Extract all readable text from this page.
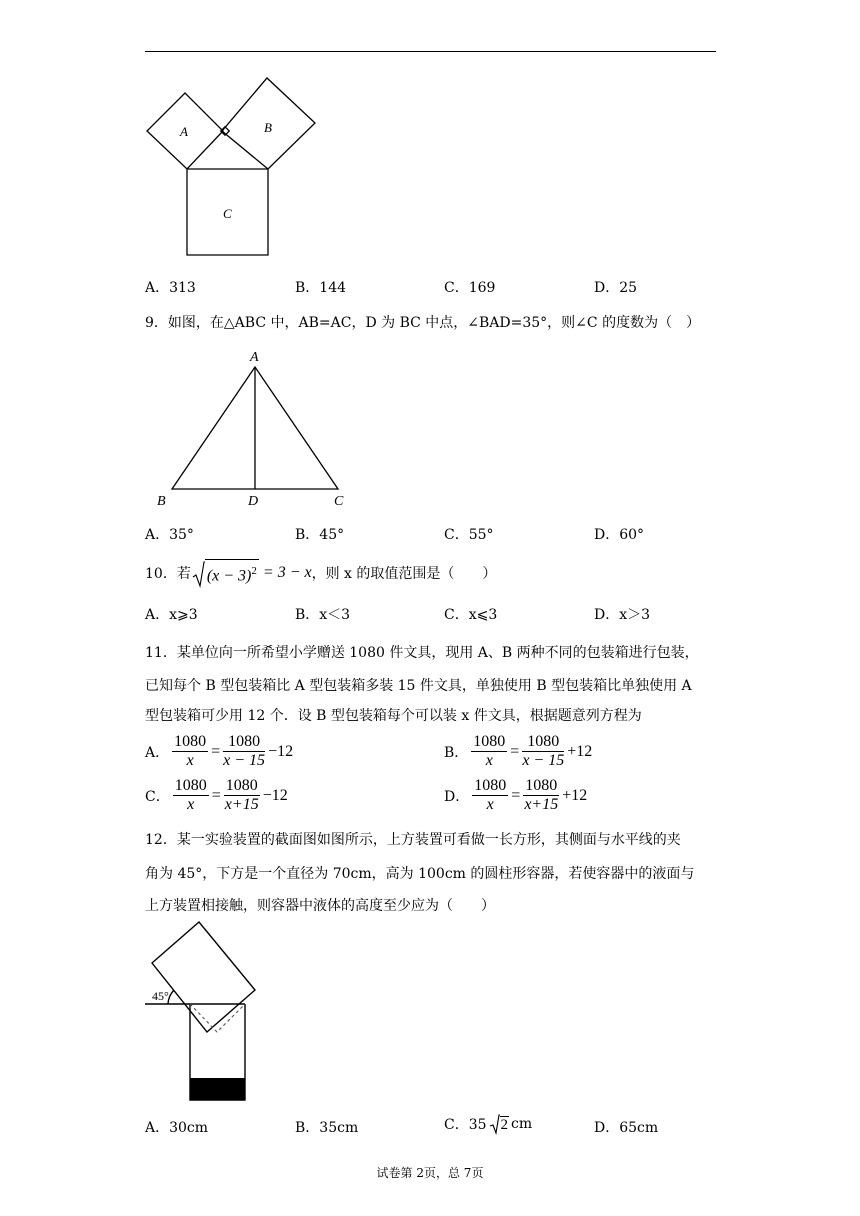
A	B
C
A．313	B．144	C．169	D．25
9．如图，在△ABC 中，AB=AC，D 为 BC 中点，∠BAD=35°，则∠C 的度数为（　）
A
B	D	C
A．35°	B．45°	C．55°	D．60°
10．若 $(x - 3)^2 = 3 - x$ ，则 x 的取值范围是（　　）
A．x⩾3	B．x＜3	C．x⩽3	D．x＞3
11．某单位向一所希望小学赠送 1080 件文具，现用 A、B 两种不同的包装箱进行包装，
已知每个 B 型包装箱比 A 型包装箱多装 15 件文具，单独使用 B 型包装箱比单独使用 A
型包装箱可少用 12 个．设 B 型包装箱每个可以装 x 件文具，根据题意列方程为
A． $\frac{1080}{x} = \frac{1080}{x - 15} -12$	B． $\frac{1080}{x} = \frac{1080}{x - 15} +12$
C． $\frac{1080}{x} = \frac{1080}{x+15} -12$	D． $\frac{1080}{x} = \frac{1080}{x+15} +12$
12．某一实验装置的截面图如图所示，上方装置可看做一长方形，其侧面与水平线的夹
角为 45°，下方是一个直径为 70cm，高为 100cm 的圆柱形容器，若使容器中的液面与
上方装置相接触，则容器中液体的高度至少应为（　　）
45°
A．30cm	B．35cm	C．35 2 cm	D．65cm
试卷第 2页，总 7页
